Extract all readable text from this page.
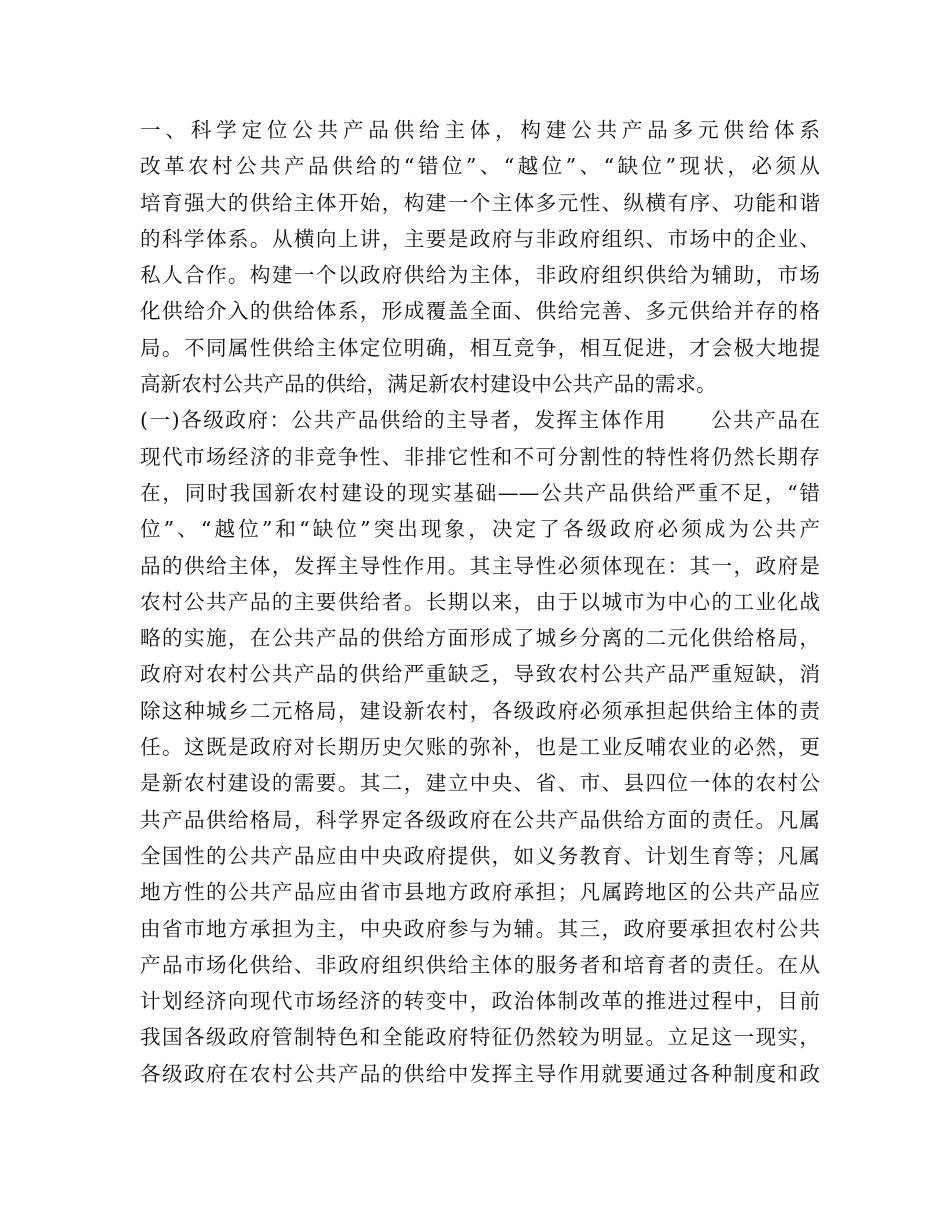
一、科学定位公共产品供给主体，构建公共产品多元供给体系
改革农村公共产品供给的“错位”、“越位”、“缺位”现状，必须从
培育强大的供给主体开始，构建一个主体多元性、纵横有序、功能和谐
的科学体系。从横向上讲，主要是政府与非政府组织、市场中的企业、
私人合作。构建一个以政府供给为主体，非政府组织供给为辅助，市场
化供给介入的供给体系，形成覆盖全面、供给完善、多元供给并存的格
局。不同属性供给主体定位明确，相互竞争，相互促进，才会极大地提
高新农村公共产品的供给，满足新农村建设中公共产品的需求。
(一)各级政府：公共产品供给的主导者，发挥主体作用　　公共产品在
现代市场经济的非竞争性、非排它性和不可分割性的特性将仍然长期存
在，同时我国新农村建设的现实基础——公共产品供给严重不足，“错
位”、“越位”和“缺位”突出现象，决定了各级政府必须成为公共产
品的供给主体，发挥主导性作用。其主导性必须体现在：其一，政府是
农村公共产品的主要供给者。长期以来，由于以城市为中心的工业化战
略的实施，在公共产品的供给方面形成了城乡分离的二元化供给格局，
政府对农村公共产品的供给严重缺乏，导致农村公共产品严重短缺，消
除这种城乡二元格局，建设新农村，各级政府必须承担起供给主体的责
任。这既是政府对长期历史欠账的弥补，也是工业反哺农业的必然，更
是新农村建设的需要。其二，建立中央、省、市、县四位一体的农村公
共产品供给格局，科学界定各级政府在公共产品供给方面的责任。凡属
全国性的公共产品应由中央政府提供，如义务教育、计划生育等；凡属
地方性的公共产品应由省市县地方政府承担；凡属跨地区的公共产品应
由省市地方承担为主，中央政府参与为辅。其三，政府要承担农村公共
产品市场化供给、非政府组织供给主体的服务者和培育者的责任。在从
计划经济向现代市场经济的转变中，政治体制改革的推进过程中，目前
我国各级政府管制特色和全能政府特征仍然较为明显。立足这一现实，
各级政府在农村公共产品的供给中发挥主导作用就要通过各种制度和政
